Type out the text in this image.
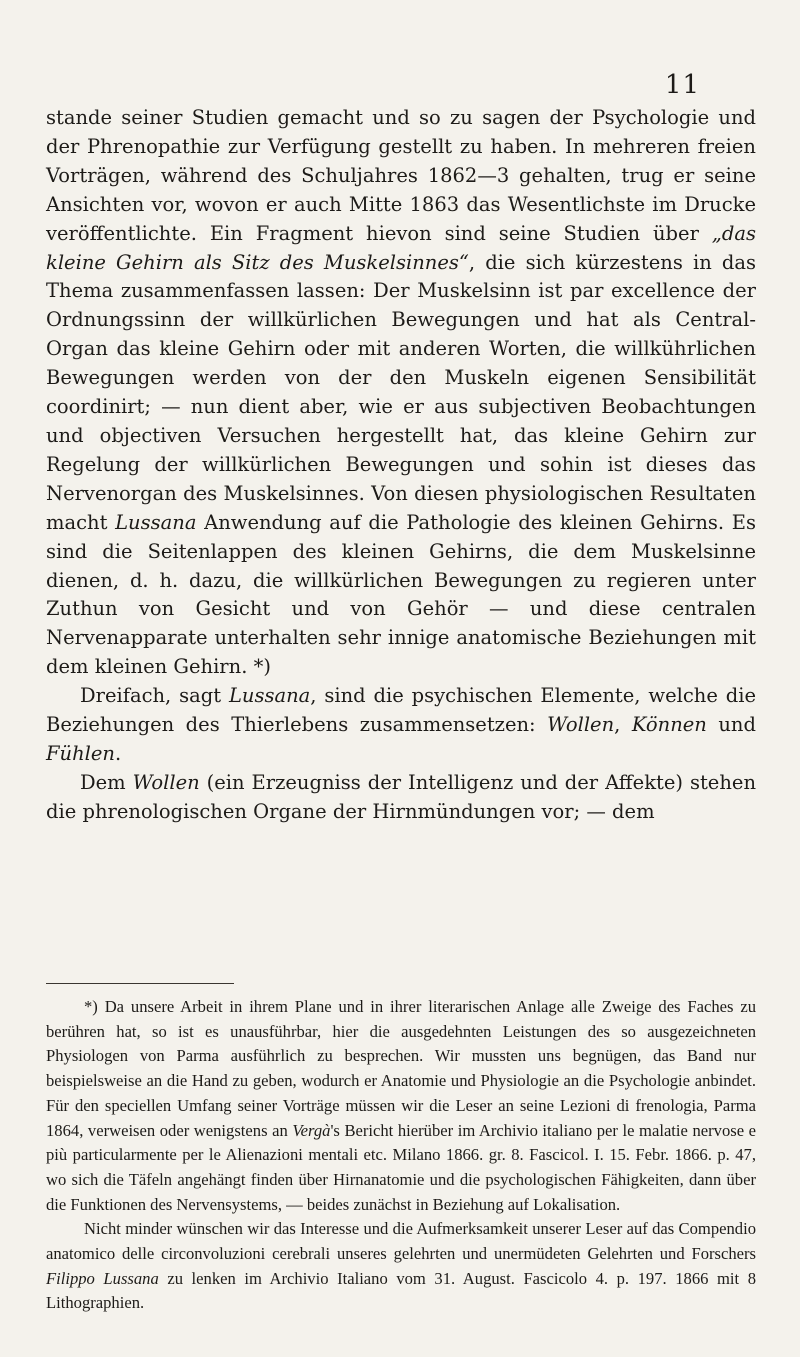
11

stande seiner Studien gemacht und so zu sagen der Psychologie und der Phrenopathie zur Verfügung gestellt zu haben. In mehreren freien Vorträgen, während des Schuljahres 1862—3 gehalten, trug er seine Ansichten vor, wovon er auch Mitte 1863 das Wesentlichste im Drucke veröffentlichte. Ein Fragment hievon sind seine Studien über „das kleine Gehirn als Sitz des Muskelsinnes“, die sich kürzestens in das Thema zusammenfassen lassen: Der Muskelsinn ist par excellence der Ordnungssinn der willkürlichen Bewegungen und hat als Central-Organ das kleine Gehirn oder mit anderen Worten, die willkührlichen Bewegungen werden von der den Muskeln eigenen Sensibilität coordinirt; — nun dient aber, wie er aus subjectiven Beobachtungen und objectiven Versuchen hergestellt hat, das kleine Gehirn zur Regelung der willkürlichen Bewegungen und sohin ist dieses das Nervenorgan des Muskelsinnes. Von diesen physiologischen Resultaten macht Lussana Anwendung auf die Pathologie des kleinen Gehirns. Es sind die Seitenlappen des kleinen Gehirns, die dem Muskelsinne dienen, d. h. dazu, die willkürlichen Bewegungen zu regieren unter Zuthun von Gesicht und von Gehör — und diese centralen Nervenapparate unterhalten sehr innige anatomische Beziehungen mit dem kleinen Gehirn. *)

Dreifach, sagt Lussana, sind die psychischen Elemente, welche die Beziehungen des Thierlebens zusammensetzen: Wollen, Können und Fühlen.

Dem Wollen (ein Erzeugniss der Intelligenz und der Affekte) stehen die phrenologischen Organe der Hirnmündungen vor; — dem

*) Da unsere Arbeit in ihrem Plane und in ihrer literarischen Anlage alle Zweige des Faches zu berühren hat, so ist es unausführbar, hier die ausgedehnten Leistungen des so ausgezeichneten Physiologen von Parma ausführlich zu besprechen. Wir mussten uns begnügen, das Band nur beispielsweise an die Hand zu geben, wodurch er Anatomie und Physiologie an die Psychologie anbindet. Für den speciellen Umfang seiner Vorträge müssen wir die Leser an seine Lezioni di frenologia, Parma 1864, verweisen oder wenigstens an Vergà's Bericht hierüber im Archivio italiano per le malatie nervose e più particularmente per le Alienazioni mentali etc. Milano 1866. gr. 8. Fascicol. I. 15. Febr. 1866. p. 47, wo sich die Täfeln angehängt finden über Hirnanatomie und die psychologischen Fähigkeiten, dann über die Funktionen des Nervensystems, — beides zunächst in Beziehung auf Lokalisation.

Nicht minder wünschen wir das Interesse und die Aufmerksamkeit unserer Leser auf das Compendio anatomico delle circonvoluzioni cerebrali unseres gelehrten und unermüdeten Gelehrten und Forschers Filippo Lussana zu lenken im Archivio Italiano vom 31. August. Fascicolo 4. p. 197. 1866 mit 8 Lithographien.
